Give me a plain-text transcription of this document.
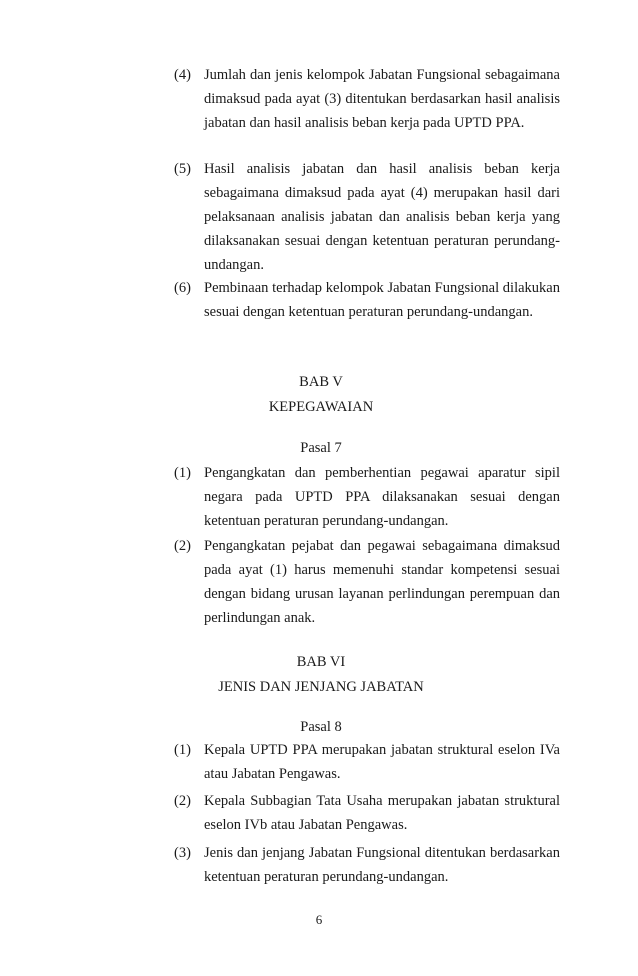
(4) Jumlah dan jenis kelompok Jabatan Fungsional sebagaimana dimaksud pada ayat (3) ditentukan berdasarkan hasil analisis jabatan dan hasil analisis beban kerja pada UPTD PPA.
(5) Hasil analisis jabatan dan hasil analisis beban kerja sebagaimana dimaksud pada ayat (4) merupakan hasil dari pelaksanaan analisis jabatan dan analisis beban kerja yang dilaksanakan sesuai dengan ketentuan peraturan perundang-undangan.
(6) Pembinaan terhadap kelompok Jabatan Fungsional dilakukan sesuai dengan ketentuan peraturan perundang-undangan.
BAB V
KEPEGAWAIAN
Pasal 7
(1) Pengangkatan dan pemberhentian pegawai aparatur sipil negara pada UPTD PPA dilaksanakan sesuai dengan ketentuan peraturan perundang-undangan.
(2) Pengangkatan pejabat dan pegawai sebagaimana dimaksud pada ayat (1) harus memenuhi standar kompetensi sesuai dengan bidang urusan layanan perlindungan perempuan dan perlindungan anak.
BAB VI
JENIS DAN JENJANG JABATAN
Pasal 8
(1) Kepala UPTD PPA merupakan jabatan struktural eselon IVa atau Jabatan Pengawas.
(2) Kepala Subbagian Tata Usaha merupakan jabatan struktural eselon IVb atau Jabatan Pengawas.
(3) Jenis dan jenjang Jabatan Fungsional ditentukan berdasarkan ketentuan peraturan perundang-undangan.
6
